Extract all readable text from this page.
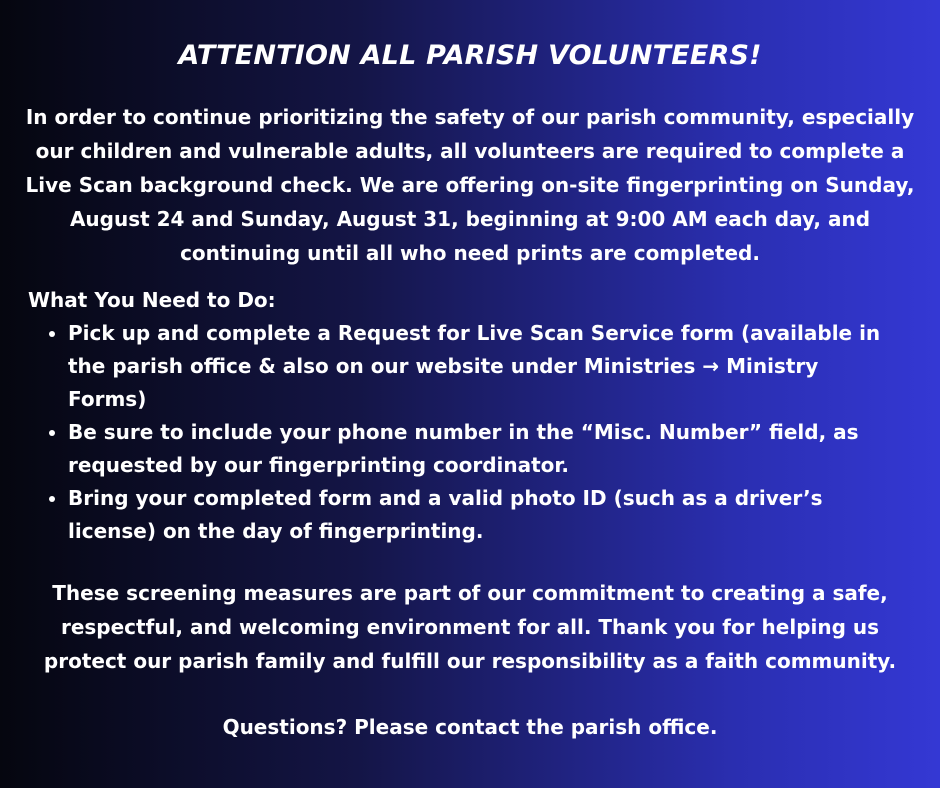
ATTENTION ALL PARISH VOLUNTEERS!
In order to continue prioritizing the safety of our parish community, especially our children and vulnerable adults, all volunteers are required to complete a Live Scan background check. We are offering on-site fingerprinting on Sunday, August 24 and Sunday, August 31, beginning at 9:00 AM each day, and continuing until all who need prints are completed.

What You Need to Do:

• Pick up and complete a Request for Live Scan Service form (available in the parish office & also on our website under Ministries → Ministry Forms)
• Be sure to include your phone number in the “Misc. Number” field, as requested by our fingerprinting coordinator.
• Bring your completed form and a valid photo ID (such as a driver’s license) on the day of fingerprinting.
These screening measures are part of our commitment to creating a safe, respectful, and welcoming environment for all. Thank you for helping us protect our parish family and fulfill our responsibility as a faith community.
Questions? Please contact the parish office.
